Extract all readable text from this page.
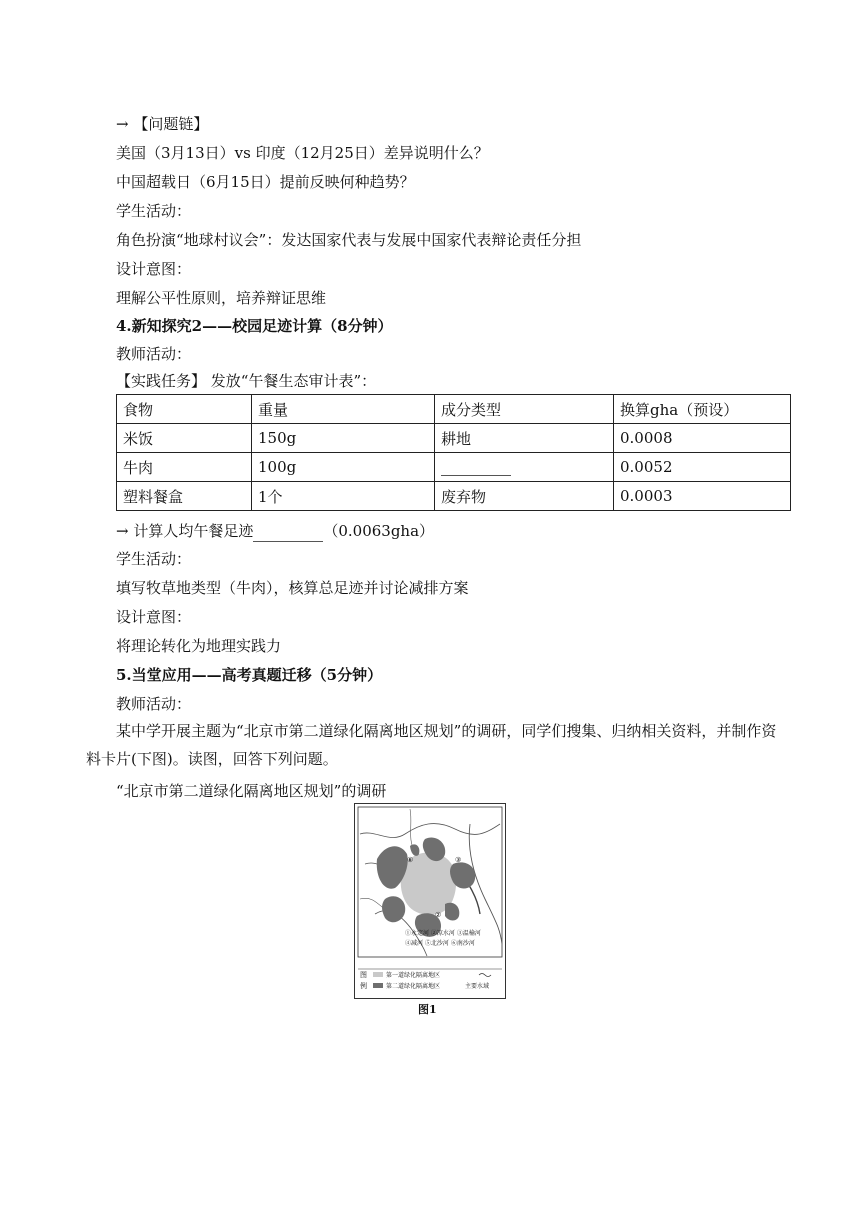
→ 【问题链】
美国（3月13日）vs 印度（12月25日）差异说明什么？
中国超载日（6月15日）提前反映何种趋势？
学生活动：
角色扮演“地球村议会”：发达国家代表与发展中国家代表辩论责任分担
设计意图：
理解公平性原则，培养辩证思维
4.新知探究2——校园足迹计算（8分钟）
教师活动：
【实践任务】 发放“午餐生态审计表”：
食物	重量	成分类型	换算gha（预设）
米饭	150g	耕地	0.0008
牛肉	100g		0.0052
塑料餐盒	1个	废弃物	0.0003
→ 计算人均午餐足迹	（0.0063gha）
学生活动：
填写牧草地类型（牛肉），核算总足迹并讨论减排方案
设计意图：
将理论转化为地理实践力
5.当堂应用——高考真题迁移（5分钟）
教师活动：
某中学开展主题为“北京市第二道绿化隔离地区规划”的调研，同学们搜集、归纳相关资料，并制作资料卡片(下图)。读图，回答下列问题。
“北京市第二道绿化隔离地区规划”的调研
③
②
⑥
①永定河 ②凉水河 ③温榆河
④减河 ⑤北沙河 ⑥南沙河
图
例
第一道绿化隔离地区
第二道绿化隔离地区	主要水域
图1
